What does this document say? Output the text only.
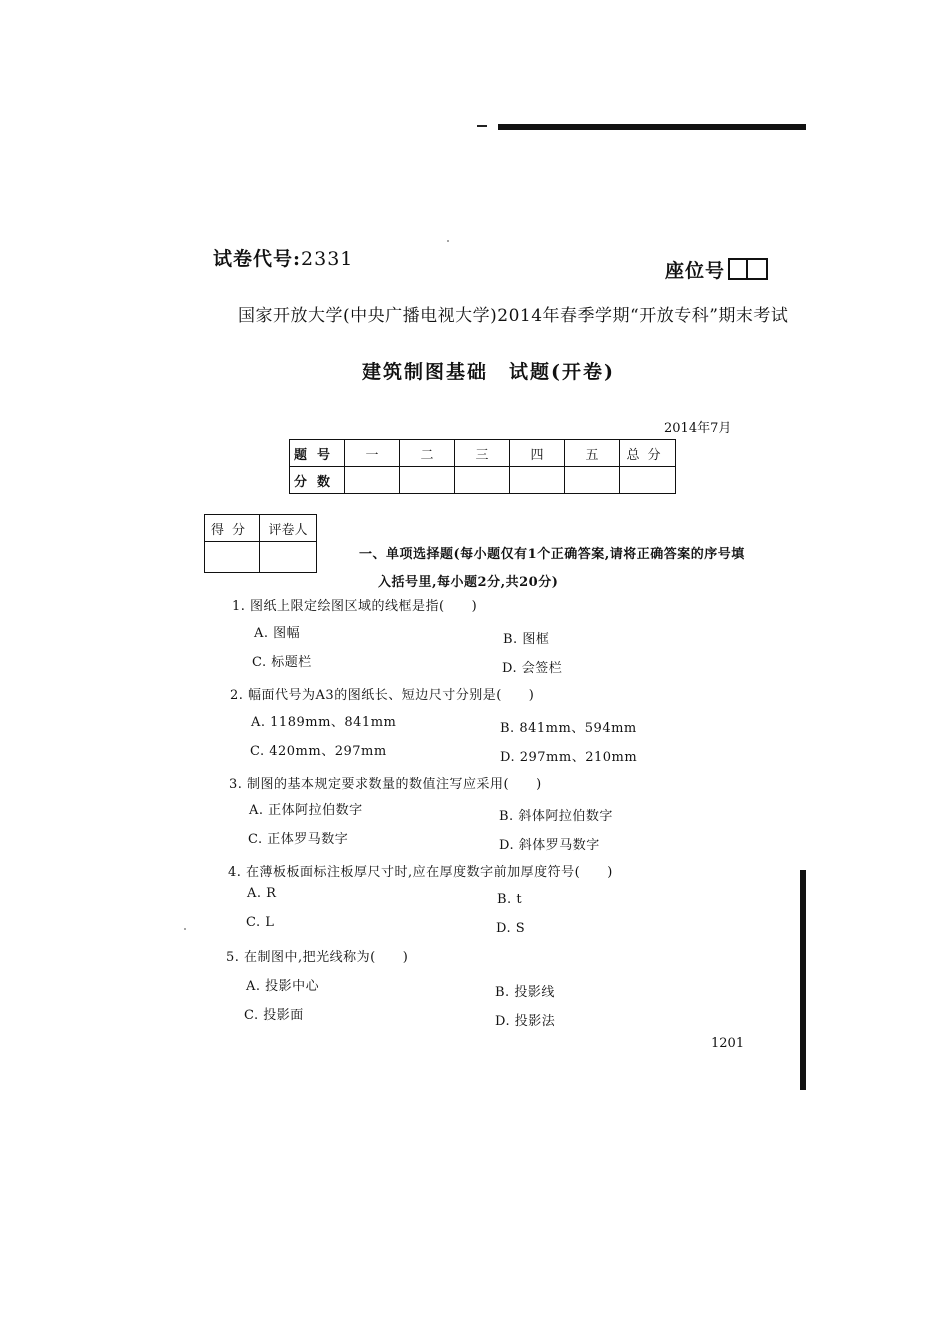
试卷代号:2331
座位号
国家开放大学(中央广播电视大学)2014年春季学期“开放专科”期末考试
建筑制图基础　试题(开卷)
2014年7月
题号	一	二	三	四	五	总分
分数						
得分	评卷人

一、单项选择题(每小题仅有1个正确答案,请将正确答案的序号填
入括号里,每小题2分,共20分)
1. 图纸上限定绘图区域的线框是指(　　)
A. 图幅	B. 图框
C. 标题栏	D. 会签栏
2. 幅面代号为A3的图纸长、短边尺寸分别是(　　)
A. 1189mm、841mm	B. 841mm、594mm
C. 420mm、297mm	D. 297mm、210mm
3. 制图的基本规定要求数量的数值注写应采用(　　)
A. 正体阿拉伯数字	B. 斜体阿拉伯数字
C. 正体罗马数字	D. 斜体罗马数字
4. 在薄板板面标注板厚尺寸时,应在厚度数字前加厚度符号(　　)
A. R	B. t
C. L	D. S
5. 在制图中,把光线称为(　　)
A. 投影中心	B. 投影线
C. 投影面	D. 投影法
1201
